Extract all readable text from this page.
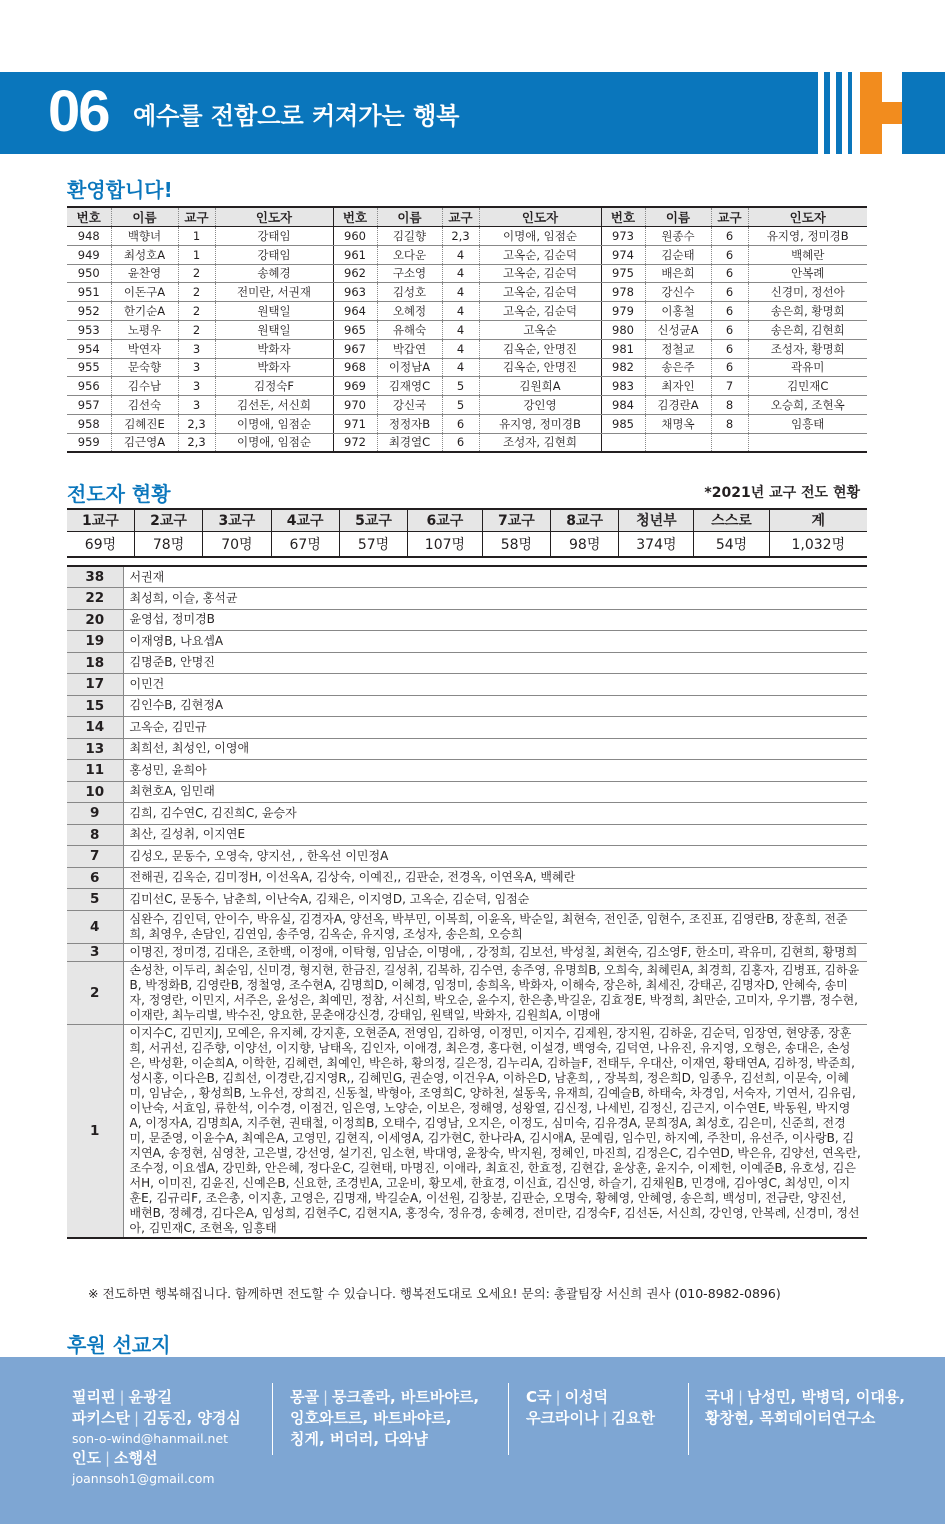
06 예수를 전함으로 커져가는 행복
환영합니다!
번호	이름	교구	인도자	번호	이름	교구	인도자	번호	이름	교구	인도자
948	백향녀	1	강태임	960	김길향	2,3	이명애, 임점순	973	원종수	6	유지영, 정미경B
949	최성호A	1	강태임	961	오다운	4	고옥순, 김순덕	974	김순태	6	백혜란
950	윤찬영	2	송혜경	962	구소영	4	고옥순, 김순덕	975	배은희	6	안복례
951	이돈구A	2	전미란, 서권재	963	김성호	4	고옥순, 김순덕	978	강신수	6	신경미, 정선아
952	한기순A	2	원택일	964	오혜정	4	고옥순, 김순덕	979	이홍철	6	송은희, 황명희
953	노평우	2	원택일	965	유해숙	4	고옥순	980	신성균A	6	송은희, 김현희
954	박연자	3	박화자	967	박갑연	4	김옥순, 안명진	981	정철교	6	조성자, 황명희
955	문숙향	3	박화자	968	이정남A	4	김옥순, 안명진	982	송은주	6	곽유미
956	김수남	3	김정숙F	969	김재영C	5	김원희A	983	최자인	7	김민재C
957	김선숙	3	김선돈, 서신희	970	강신국	5	강인영	984	김경란A	8	오승희, 조현옥
958	김혜진E	2,3	이명애, 임점순	971	정정자B	6	유지영, 정미경B	985	채명옥	8	임흥태
959	김근영A	2,3	이명애, 임점순	972	최경열C	6	조성자, 김현희				
전도자 현황	*2021년 교구 전도 현황
1교구	2교구	3교구	4교구	5교구	6교구	7교구	8교구	청년부	스스로	계
69명	78명	70명	67명	57명	107명	58명	98명	374명	54명	1,032명
38	서권재
22	최성희, 이슬, 홍석균
20	윤영섭, 정미경B
19	이재영B, 나요셉A
18	김명준B, 안명진
17	이민건
15	김인수B, 김현정A
14	고옥순, 김민규
13	최희선, 최성인, 이영애
11	홍성민, 윤희아
10	최현호A, 임민래
9	김희, 김수연C, 김진희C, 윤승자
8	최산, 길성취, 이지연E
7	김성오, 문동수, 오영숙, 양지선, , 한옥선 이민정A
6	전해권, 김옥순, 김미정H, 이선옥A, 김상숙, 이예진,, 김판순, 전경옥, 이연옥A, 백혜란
5	김미선C, 문동수, 남춘희, 이난숙A, 김채은, 이지영D, 고옥순, 김순덕, 임점순
4	심완수, 김인덕, 안이수, 박유실, 김경자A, 양선옥, 박부민, 이복희, 이윤옥, 박순일, 최현숙, 전인준, 임현수, 조진표, 김영란B, 장훈희, 전준희, 최영우, 손담인, 김연임, 송주영, 김옥순, 유지영, 조성자, 송은희, 오승희
3	이명진, 정미경, 김대은, 조한백, 이정애, 이탁형, 임남순, 이명애, , 강정희, 김보선, 박성칠, 최현숙, 김소영F, 한소미, 곽유미, 김현희, 황명희
2	손성찬, 이두리, 최순임, 신미경, 형지현, 한금진, 길성취, 김복하, 김수연, 송주영, 유명희B, 오희숙, 최혜린A, 최경희, 김홍자, 김병표, 김하윤B, 박정화B, 김영란B, 정철영, 조수현A, 김명희D, 이혜경, 임정미, 송희옥, 박화자, 이해숙, 장은하, 최세진, 강태곤, 김명자D, 안혜숙, 송미자, 정영란, 이민지, 서주은, 윤성은, 최예민, 정참, 서신희, 박오순, 윤수지, 한은총,박길운, 김효정E, 박정희, 최만순, 고미자, 우기쁨, 정수현, 이재란, 최누리별, 박수진, 양요한, 문춘애강신경, 강태임, 원택일, 박화자, 김원희A, 이명애
1	이지수C, 김민지J, 모예은, 유지혜, 강지훈, 오현준A, 전영임, 김하영, 이정민, 이지수, 김제원, 장지원, 김하윤, 김순덕, 임장연, 현양종, 장훈희, 서귀선, 김주향, 이양선, 이지향, 남태옥, 김인자, 이애경, 최은경, 홍다현, 이설경, 백영숙, 김덕연, 나유진, 유지영, 오형은, 송대은, 손성은, 박성환, 이순희A, 이학한, 김혜련, 최예인, 박은하, 황의정, 길은정, 김누리A, 김하늘F, 전태두, 우대산, 이재연, 황태연A, 김하정, 박준희, 성시홍, 이다은B, 김희선, 이경란,김지영R,, 김혜민G, 권순영, 이건우A, 이하은D, 남훈희, , 장복희, 정은희D, 임종우, 김선희, 이문숙, 이혜미, 임남순, , 황성희B, 노유선, 장희진, 신동철, 박형아, 조영희C, 양하천, 설동욱, 유재희, 김예슬B, 하태숙, 차경임, 서숙자, 기연서, 김유림, 이난숙, 서효임, 류한석, 이수경, 이점건, 임은영, 노양순, 이보은, 정해영, 성왕열, 김신정, 나세빈, 김정신, 김근지, 이수연E, 박동원, 박지영A, 이정자A, 김명희A, 지주현, 권태철, 이정희B, 오태수, 김영남, 오지은, 이정도, 심미숙, 김유경A, 문희정A, 최성호, 김은미, 신준희, 전경미, 문준영, 이윤수A, 최예은A, 고영민, 김현직, 이세영A, 김가현C, 한나라A, 김시애A, 문예림, 임수민, 하지예, 주찬미, 유선주, 이사랑B, 김지연A, 송정현, 심영찬, 고은별, 강선영, 설기진, 임소현, 박대영, 윤창숙, 박지원, 정혜인, 마진희, 김정은C, 김수연D, 박은유, 김양선, 연옥란, 조수정, 이요셉A, 강민화, 안은혜, 정다운C, 길현태, 마명진, 이애라, 최효진, 한효정, 김현갑, 윤상훈, 윤지수, 이제헌, 이예준B, 유호성, 김은서H, 이미진, 김윤진, 신예은B, 신요한, 조경빈A, 고운비, 황모세, 한효경, 이신효, 김신영, 하슬기, 김채원B, 민경애, 김아영C, 최성민, 이지훈E, 김규리F, 조은총, 이지훈, 고영은, 김명재, 박길순A, 이선원, 김창분, 김판순, 오명숙, 황혜영, 안혜영, 송은희, 백성미, 전금란, 양진선, 배현B, 정혜경, 김다은A, 임성희, 김현주C, 김현지A, 홍정숙, 정유경, 송혜경, 전미란, 김정숙F, 김선돈, 서신희, 강인영, 안복례, 신경미, 정선아, 김민재C, 조현옥, 임흥태
※ 전도하면 행복해집니다. 함께하면 전도할 수 있습니다. 행복전도대로 오세요! 문의: 총괄팀장 서신희 권사 (010-8982-0896)
후원 선교지
필리핀 | 윤광길
파키스탄 | 김동진, 양경심
son-o-wind@hanmail.net
인도 | 소행선
joannsoh1@gmail.com
몽골 | 뭉크졸라, 바트바야르,
잉호와트르, 바트바야르,
칭게, 버더러, 다와냠
C국 | 이성덕
우크라이나 | 김요한
국내 | 남성민, 박병덕, 이대용,
황창현, 목회데이터연구소
